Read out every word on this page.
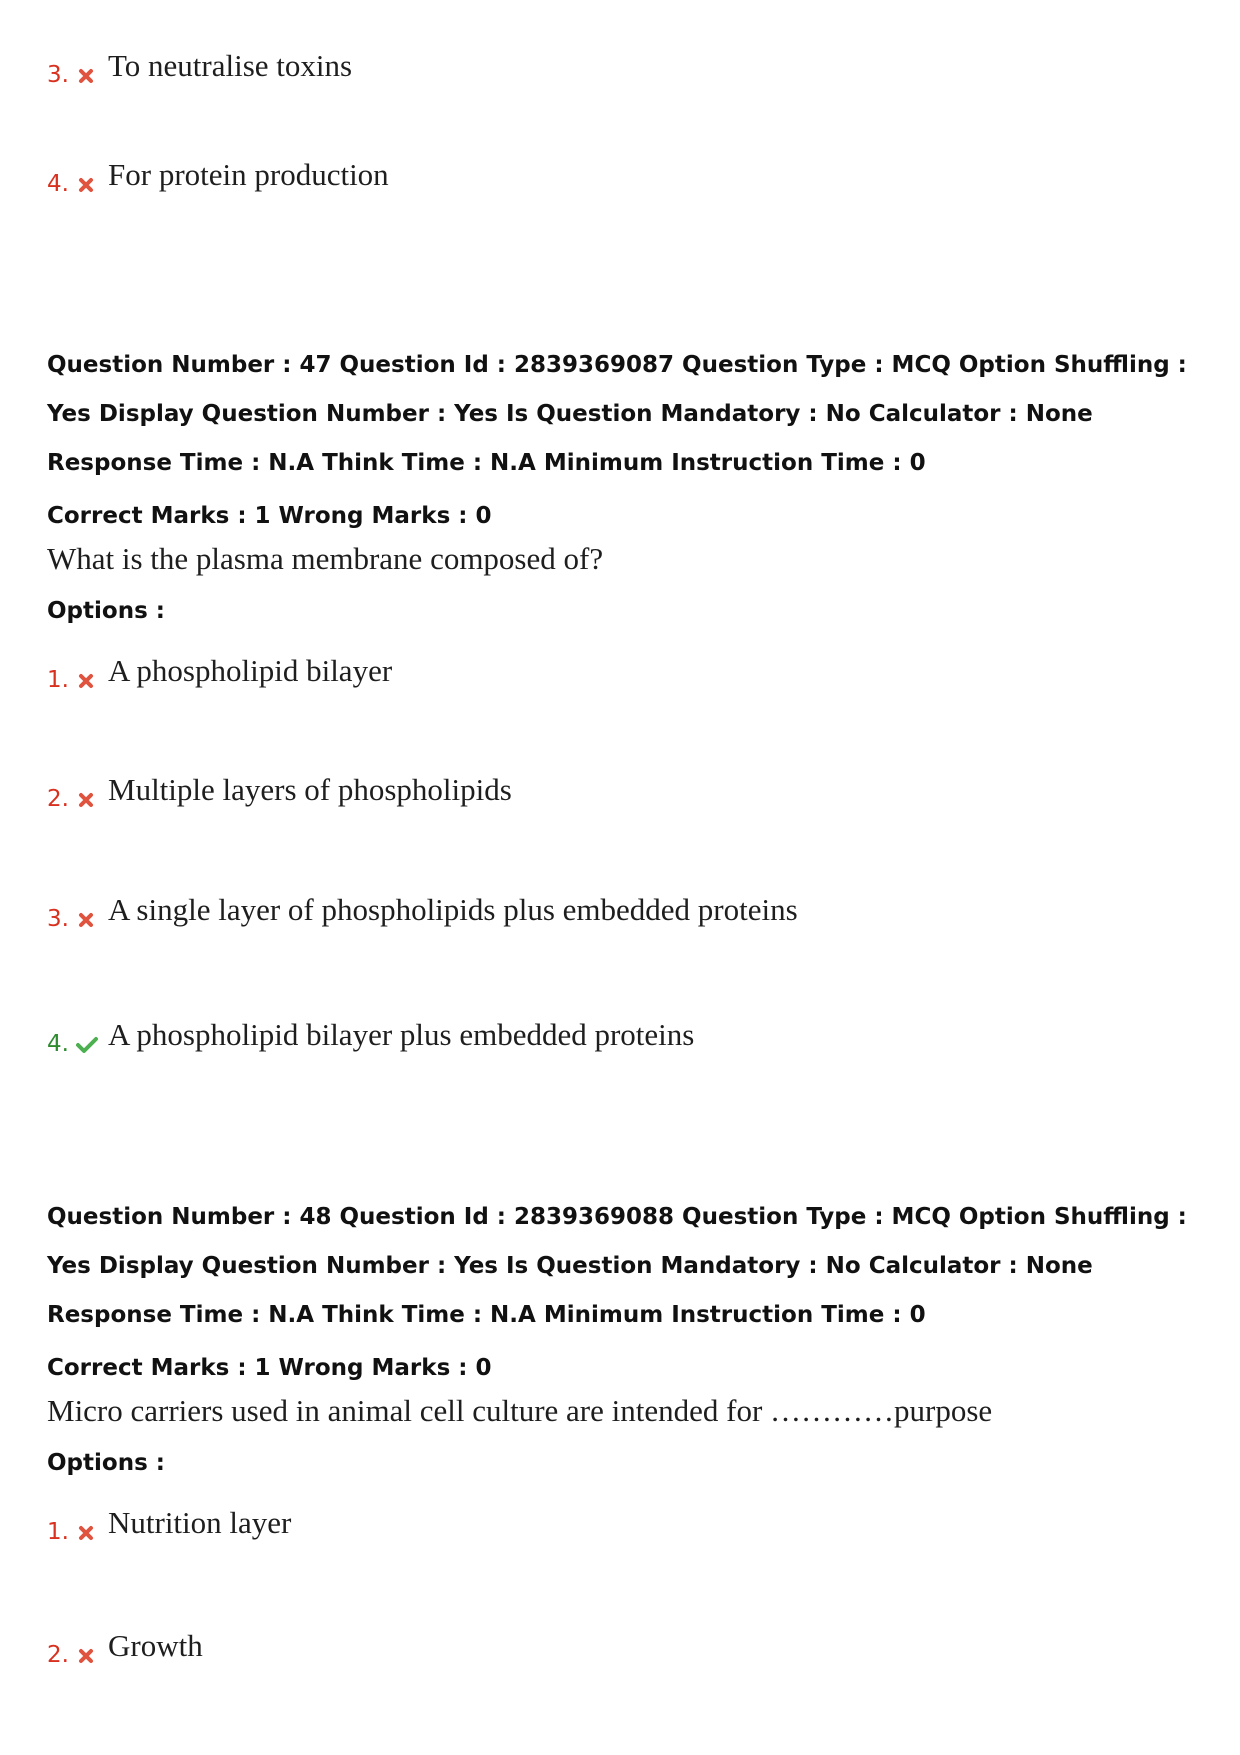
3. To neutralise toxins
4. For protein production
Question Number : 47 Question Id : 2839369087 Question Type : MCQ Option Shuffling : Yes Display Question Number : Yes Is Question Mandatory : No Calculator : None Response Time : N.A Think Time : N.A Minimum Instruction Time : 0
Correct Marks : 1 Wrong Marks : 0
What is the plasma membrane composed of?
Options :
1. A phospholipid bilayer
2. Multiple layers of phospholipids
3. A single layer of phospholipids plus embedded proteins
4. A phospholipid bilayer plus embedded proteins
Question Number : 48 Question Id : 2839369088 Question Type : MCQ Option Shuffling : Yes Display Question Number : Yes Is Question Mandatory : No Calculator : None Response Time : N.A Think Time : N.A Minimum Instruction Time : 0
Correct Marks : 1 Wrong Marks : 0
Micro carriers used in animal cell culture are intended for …………purpose
Options :
1. Nutrition layer
2. Growth
